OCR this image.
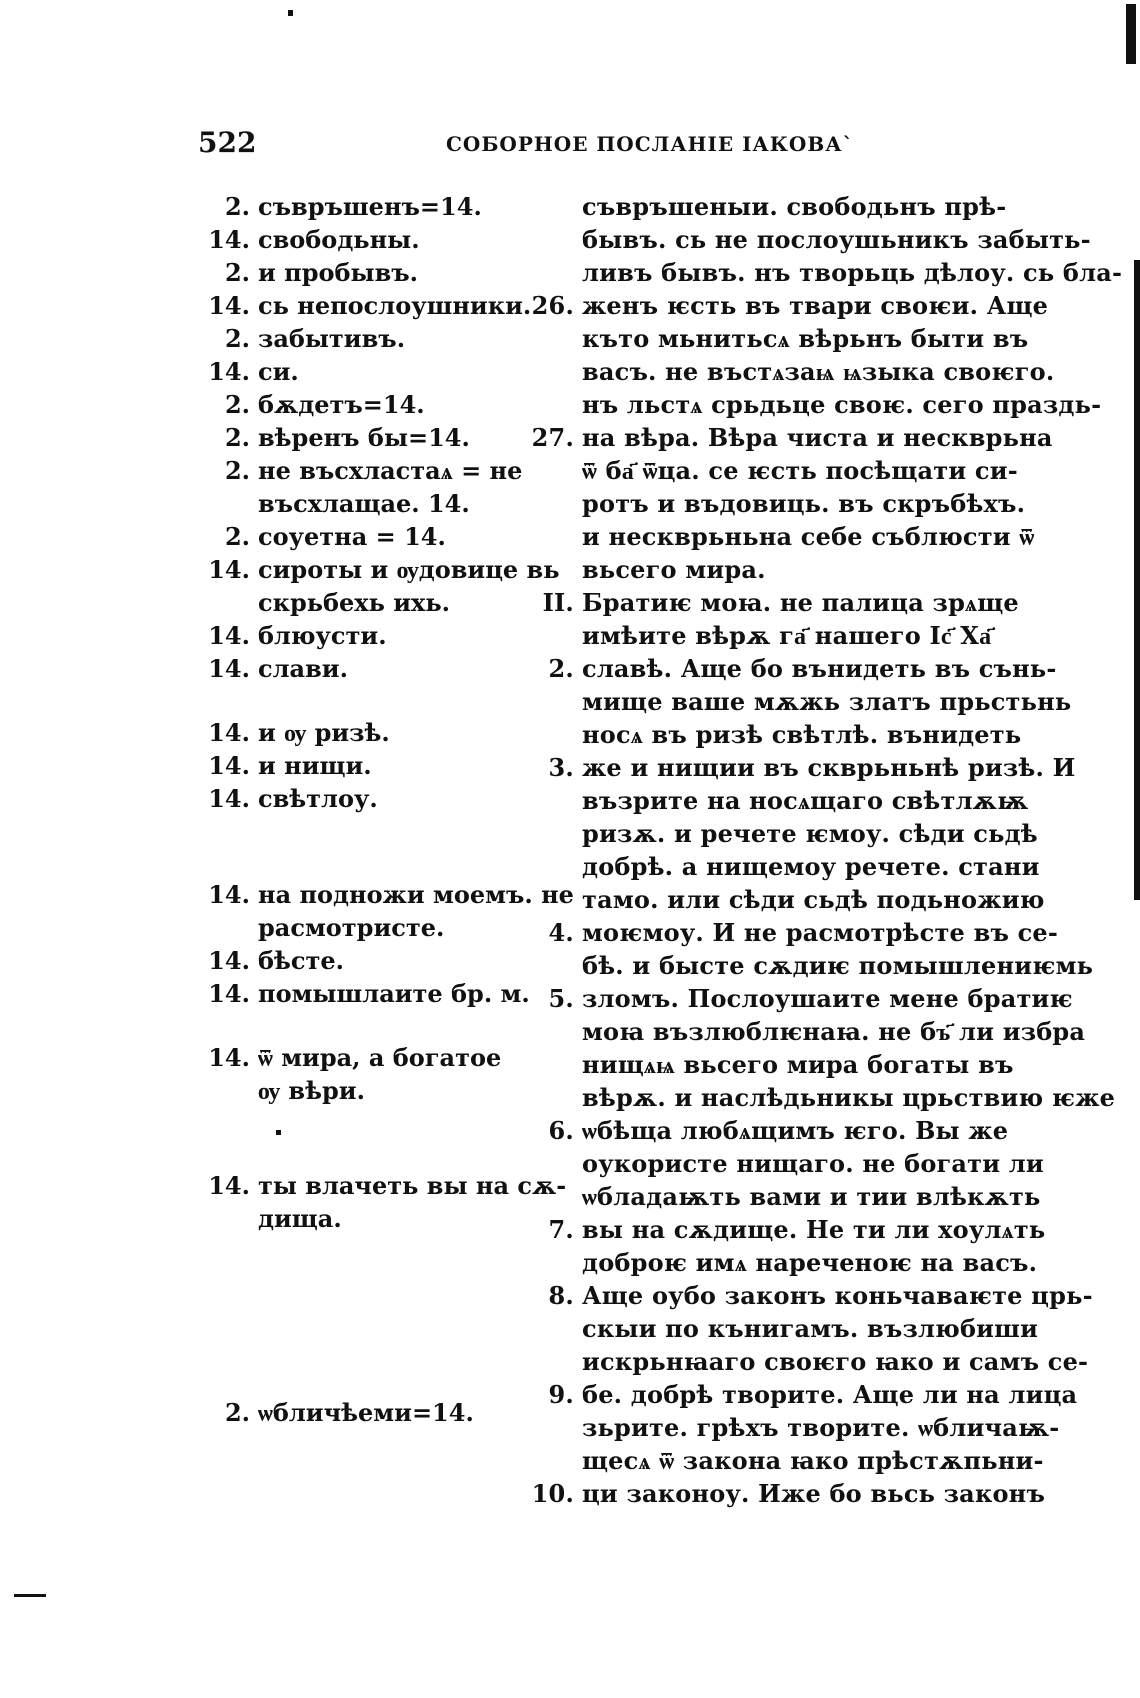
522	СОБОРНОЕ ПОСЛАНІЕ ІАКОВА`
2. съвръшенъ=14.
14. свободьны.
2. и пробывъ.
14. сь непослоушники.
2. забытивъ.
14. си.
2. бѫдетъ=14.
2. вѣренъ бы=14.
2. не въсхластаѧ = не
въсхлащае. 14.
2. соуетна = 14.
14. сироты и ѹдовице вь
скрьбехь ихь.
14. блюусти.
14. слави.
14. и ѹ ризѣ.
14. и нищи.
14. свѣтлоу.
14. на подножи моемъ. не
расмотристе.
14. бѣсте.
14. помышлаите бр. м.
14. ѿ мира, а богатое
ѹ вѣри.
14. ты влачеть вы на сѫ-
дища.
2. ѡбличѣеми=14.
съвръшеныи. свободьнъ прѣ-
бывъ. сь не послоушьникъ забыть-
ливъ бывъ. нъ творьць дѣлоу. сь бла-
26. женъ ѥсть въ твари своѥи. Аще
къто мьнитьсѧ вѣрьнъ быти въ
васъ. не въстѧзаѩ ѩзыка своѥго.
нъ льстѧ срьдьце своѥ. сего праздь-
27. на вѣра. Вѣра чиста и нескврьна
ѿ ба҃ ѿца. се ѥсть посѣщати си-
ротъ и въдовиць. въ скръбѣхъ.
и нескврьньна себе съблюсти ѿ
вьсего мира.
II. Братиѥ моꙗ. не палица зрѧще
имѣите вѣрѫ га҃ нашего Іс҃ Ха҃
2. славѣ. Аще бо вънидеть въ сънь-
мище ваше мѫжь златъ прьстьнь
носѧ въ ризѣ свѣтлѣ. вънидеть
3. же и нищии въ скврьньнѣ ризѣ. И
възрите на носѧщаго свѣтлѫѭ
ризѫ. и речете ѥмоу. сѣди сьдѣ
добрѣ. а нищемоу речете. стани
тамо. или сѣди сьдѣ подьножию
4. моѥмоу. И не расмотрѣсте въ се-
бѣ. и бысте сѫдиѥ помышлениѥмь
5. зломъ. Послоушаите мене братиѥ
моꙗ възлюблѥнаꙗ. не бъ҃ ли избра
нищѧѩ вьсего мира богаты въ
вѣрѫ. и наслѣдьникы црьствию ѥже
6. ѡбѣща любѧщимъ ѥго. Вы же
оукористе нищаго. не богати ли
ѡбладаѭть вами и тии влѣкѫть
7. вы на сѫдище. Не ти ли хоулѧть
доброѥ имѧ нареченоѥ на васъ.
8. Аще оубо законъ коньчаваѥте црь-
скыи по кънигамъ. възлюбиши
искрьнꙗаго своѥго ꙗко и самъ се-
9. бе. добрѣ творите. Аще ли на лица
зьрите. грѣхъ творите. ѡбличаѭ-
щесѧ ѿ закона ꙗко прѣстѫпьни-
10. ци законоу. Иже бо вьсь законъ
